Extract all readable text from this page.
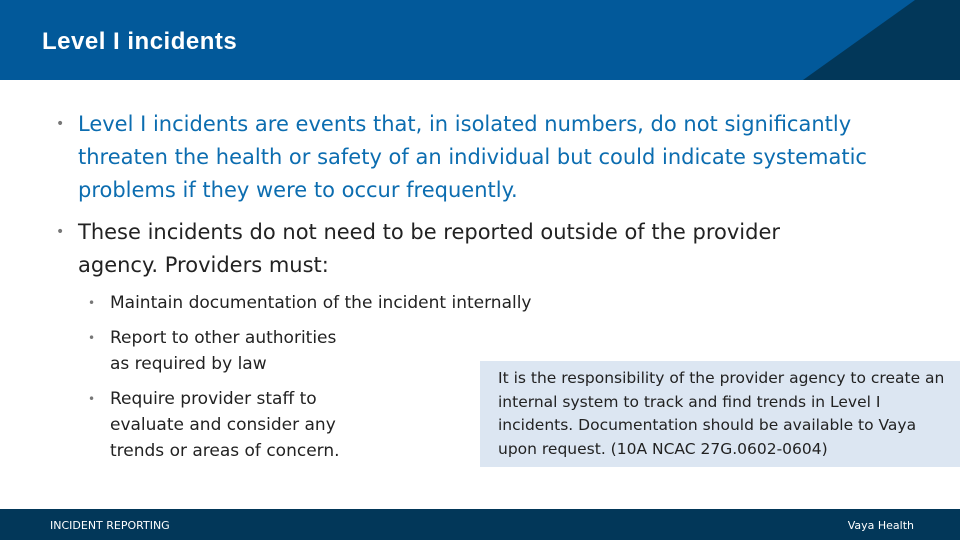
Level I incidents
• Level I incidents are events that, in isolated numbers, do not significantly threaten the health or safety of an individual but could indicate systematic problems if they were to occur frequently.
• These incidents do not need to be reported outside of the provider agency. Providers must:
• Maintain documentation of the incident internally
• Report to other authorities as required by law
• Require provider staff to evaluate and consider any trends or areas of concern.
It is the responsibility of the provider agency to create an internal system to track and find trends in Level I incidents. Documentation should be available to Vaya upon request. (10A NCAC 27G.0602-0604)
INCIDENT REPORTING	Vaya Health
